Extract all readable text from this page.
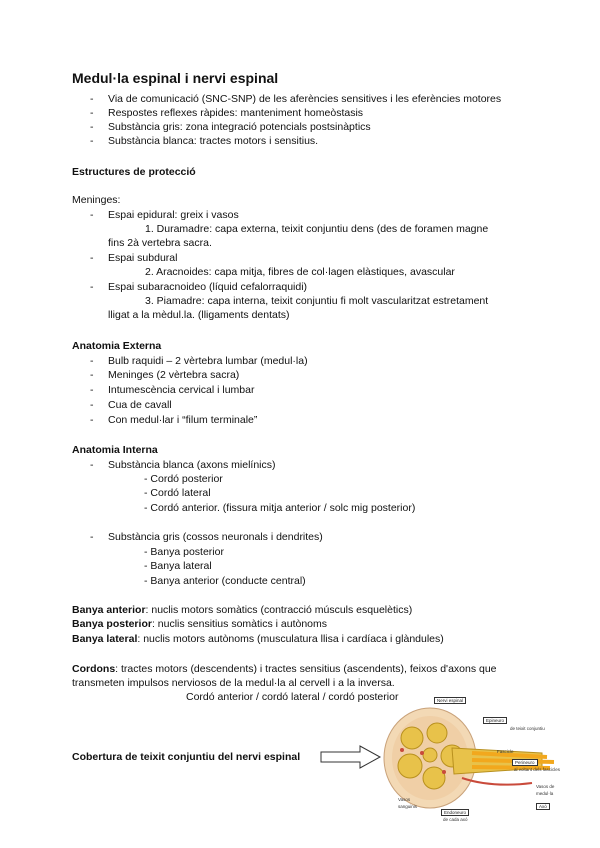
Medul·la espinal i nervi espinal
- Via de comunicació (SNC-SNP) de les aferències sensitives i les eferències motores
- Respostes reflexes ràpides: manteniment homeòstasis
- Substància gris: zona integració potencials postsinàptics
- Substància blanca: tractes motors i sensitius.
Estructures de protecció
Meninges:
- Espai epidural: greix i vasos
1. Duramadre: capa externa, teixit conjuntiu dens (des de foramen magne
fins 2à vertebra sacra.
- Espai subdural
2. Aracnoides: capa mitja, fibres de col·lagen elàstiques, avascular
- Espai subaracnoideo (líquid cefalorraquidi)
3. Piamadre: capa interna, teixit conjuntiu fi molt vascularitzat estretament
lligat a la mèdul.la. (lligaments dentats)
Anatomia Externa
- Bulb raquidi – 2 vèrtebra lumbar (medul·la)
- Meninges (2 vèrtebra sacra)
- Intumescència cervical i lumbar
- Cua de cavall
- Con medul·lar i “filum terminale”
Anatomia Interna
- Substància blanca (axons mielínics)
- Cordó posterior
- Cordó lateral
- Cordó anterior. (fissura mitja anterior / solc mig posterior)
- Substància gris (cossos neuronals i dendrites)
- Banya posterior
- Banya lateral
- Banya anterior (conducte central)
Banya anterior: nuclis motors somàtics (contracció músculs esquelètics)
Banya posterior: nuclis sensitius somàtics i autònoms
Banya lateral: nuclis motors autònoms (musculatura llisa i cardíaca i glàndules)
Cordons: tractes motors (descendents) i tractes sensitius (ascendents), feixos d'axons que
transmeten impulsos nerviosos de la medul·la al cervell i a la inversa.
Cordó anterior / cordó lateral / cordó posterior
Cobertura de teixit conjuntiu del nervi espinal
Nervi espinal
Epineuro
de teixit conjuntiu
Fascicle
Perineuro
al voltant dels fascicles
Vasos de
medul·la
Axó
Vasos
sanguinis
Endoneuro
de cada axó
